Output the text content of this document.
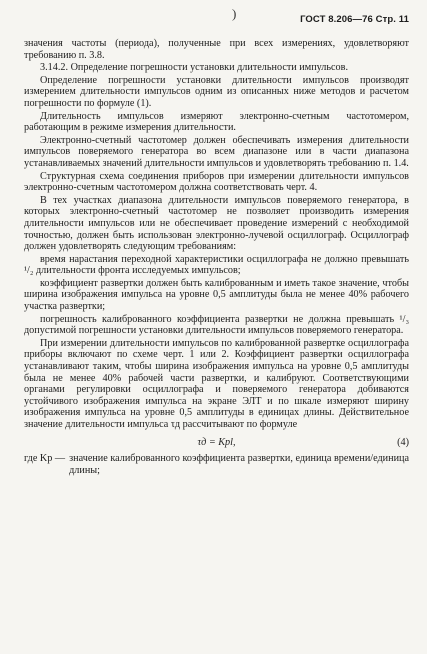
)	ГОСТ 8.206—76 Стр. 11

значения частоты (периода), полученные при всех измерениях, удовлетворяют требованию п. 3.8.

3.14.2. Определение погрешности установки длительности импульсов.

Определение погрешности установки длительности импульсов производят измерением длительности импульсов одним из описанных ниже методов и расчетом погрешности по формуле (1).

Длительность импульсов измеряют электронно-счетным частотомером, работающим в режиме измерения длительности.

Электронно-счетный частотомер должен обеспечивать измерения длительности импульсов поверяемого генератора во всем диапазоне или в части диапазона устанавливаемых значений длительности импульсов и удовлетворять требованию п. 1.4.

Структурная схема соединения приборов при измерении длительности импульсов электронно-счетным частотомером должна соответствовать черт. 4.

В тех участках диапазона длительности импульсов поверяемого генератора, в которых электронно-счетный частотомер не позволяет производить измерения длительности импульсов или не обеспечивает проведение измерений с необходимой точностью, должен быть использован электронно-лучевой осциллограф. Осциллограф должен удовлетворять следующим требованиям:

время нарастания переходной характеристики осциллографа не должно превышать ¹/₂ длительности фронта исследуемых импульсов;

коэффициент развертки должен быть калиброванным и иметь такое значение, чтобы ширина изображения импульса на уровне 0,5 амплитуды была не менее 40% рабочего участка развертки;

погрешность калиброванного коэффициента развертки не должна превышать ¹/₃ допустимой погрешности установки длительности импульсов поверяемого генератора.

При измерении длительности импульсов по калиброванной развертке осциллографа приборы включают по схеме черт. 1 или 2. Коэффициент развертки осциллографа устанавливают таким, чтобы ширина изображения импульса на уровне 0,5 амплитуды была не менее 40% рабочей части развертки, и калибруют. Соответствующими органами регулировки осциллографа и поверяемого генератора добиваются устойчивого изображения импульса на экране ЭЛТ и по шкале измеряют ширину изображения импульса на уровне 0,5 амплитуды в единицах длины. Действительное значение длительности импульса τд рассчитывают по формуле

τд = Kрl,	(4)
где Kр — значение калиброванного коэффициента развертки, единица времени/единица длины;
